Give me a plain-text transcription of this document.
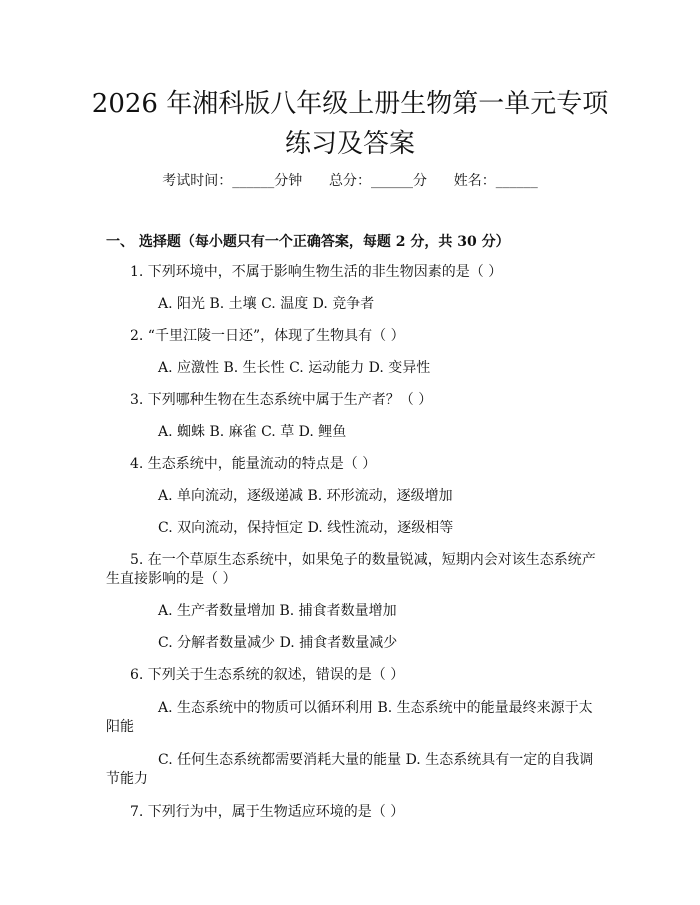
2026 年湘科版八年级上册生物第一单元专项
练习及答案
考试时间：______分钟      总分：______分      姓名：______
一、 选择题（每小题只有一个正确答案，每题 2 分，共 30 分）
1. 下列环境中，不属于影响生物生活的非生物因素的是（ ）
A. 阳光 B. 土壤 C. 温度 D. 竞争者
2. “千里江陵一日还”，体现了生物具有（ ）
A. 应激性 B. 生长性 C. 运动能力 D. 变异性
3. 下列哪种生物在生态系统中属于生产者？（ ）
A. 蜘蛛 B. 麻雀 C. 草 D. 鲤鱼
4. 生态系统中，能量流动的特点是（ ）
A. 单向流动，逐级递减 B. 环形流动，逐级增加
C. 双向流动，保持恒定 D. 线性流动，逐级相等
5. 在一个草原生态系统中，如果兔子的数量锐减，短期内会对该生态系统产
生直接影响的是（ ）
A. 生产者数量增加 B. 捕食者数量增加
C. 分解者数量减少 D. 捕食者数量减少
6. 下列关于生态系统的叙述，错误的是（ ）
A. 生态系统中的物质可以循环利用 B. 生态系统中的能量最终来源于太
阳能
C. 任何生态系统都需要消耗大量的能量 D. 生态系统具有一定的自我调
节能力
7. 下列行为中，属于生物适应环境的是（ ）
